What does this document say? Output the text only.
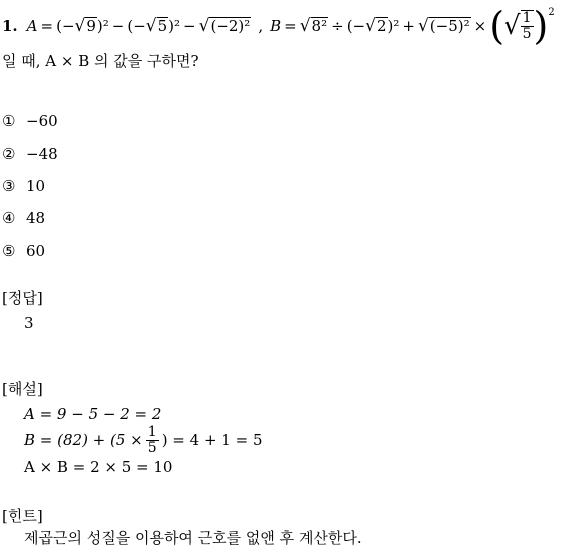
1. A = (−√9)² − (−√5)² − √(−2)² , B = √8² ÷ (−√2)² + √(−5)² × ( √ $\frac{1}{5} )^2$
일 때, A × B 의 값을 구하면?
① −60
② −48
③ 10
④ 48
⑤ 60
[정답]
3
[해설]
A = 9 − 5 − 2 = 2
$B = (82) + (5 \times \frac{1}{5}$ ) = 4 + 1 = 5
A × B = 2 × 5 = 10
[힌트]
제곱근의 성질을 이용하여 근호를 없앤 후 계산한다.
